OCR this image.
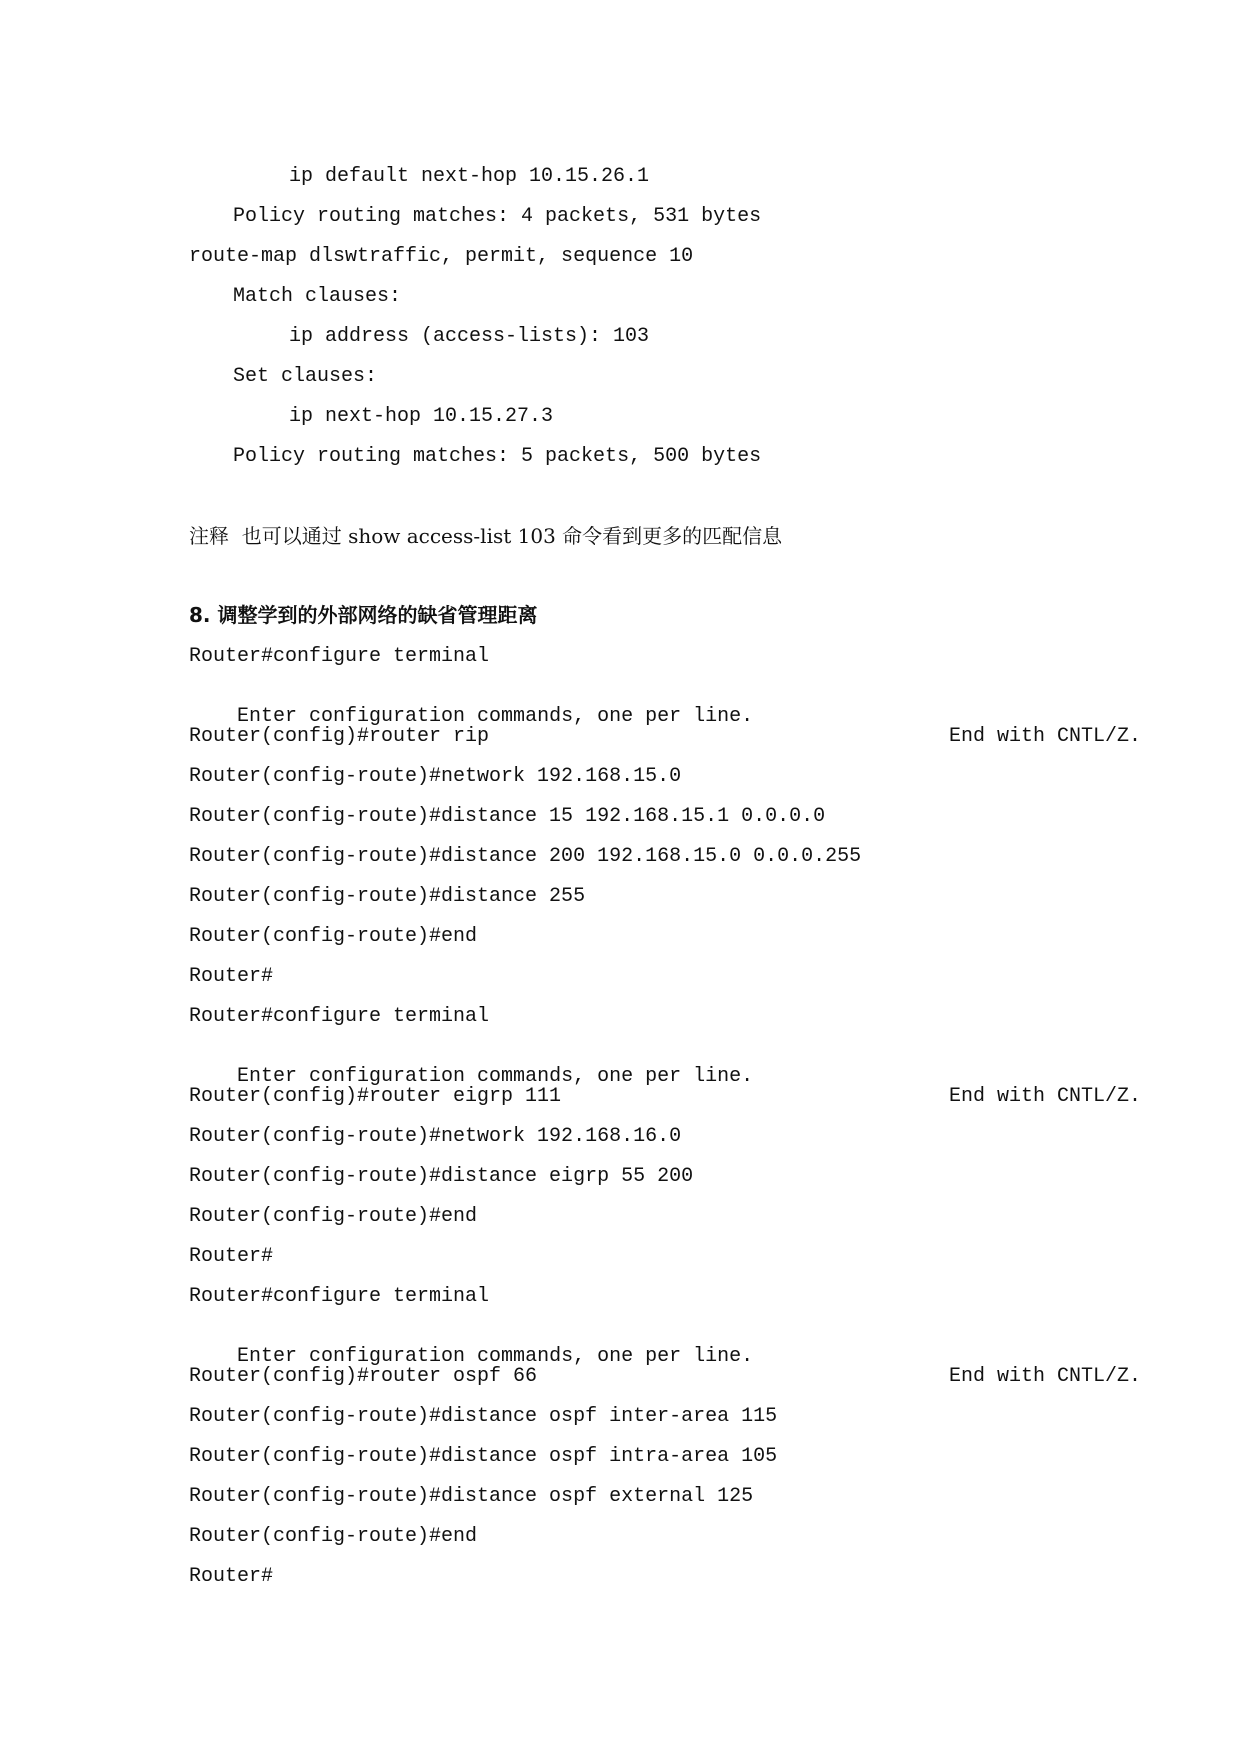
ip default next-hop 10.15.26.1
Policy routing matches: 4 packets, 531 bytes
route-map dlswtraffic, permit, sequence 10
Match clauses:
ip address (access-lists): 103
Set clauses:
ip next-hop 10.15.27.3
Policy routing matches: 5 packets, 500 bytes
注释  也可以通过 show access-list 103 命令看到更多的匹配信息
8. 调整学到的外部网络的缺省管理距离
Router#configure terminal

Enter configuration commands, one per line.

End with CNTL/Z.

Router(config)#router rip
Router(config-route)#network 192.168.15.0
Router(config-route)#distance 15 192.168.15.1 0.0.0.0
Router(config-route)#distance 200 192.168.15.0 0.0.0.255
Router(config-route)#distance 255
Router(config-route)#end
Router#
Router#configure terminal

Enter configuration commands, one per line.

End with CNTL/Z.

Router(config)#router eigrp 111
Router(config-route)#network 192.168.16.0
Router(config-route)#distance eigrp 55 200
Router(config-route)#end
Router#
Router#configure terminal

Enter configuration commands, one per line.

End with CNTL/Z.

Router(config)#router ospf 66
Router(config-route)#distance ospf inter-area 115
Router(config-route)#distance ospf intra-area 105
Router(config-route)#distance ospf external 125
Router(config-route)#end
Router#
